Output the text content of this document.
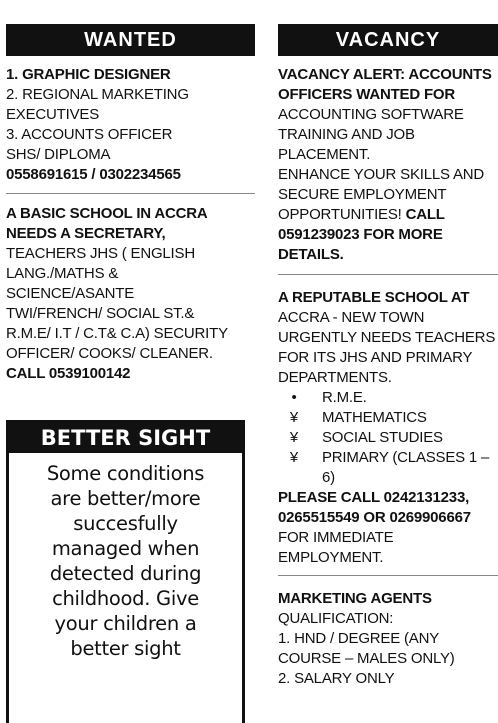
WANTED
1. GRAPHIC DESIGNER
2. REGIONAL MARKETING
EXECUTIVES
3. ACCOUNTS OFFICER
SHS/ DIPLOMA
0558691615 / 0302234565
A BASIC SCHOOL IN ACCRA
NEEDS A SECRETARY,
TEACHERS JHS ( ENGLISH
LANG./MATHS &
SCIENCE/ASANTE
TWI/FRENCH/ SOCIAL ST.&
R.M.E/ I.T / C.T& C.A) SECURITY
OFFICER/ COOKS/ CLEANER.
CALL 0539100142
BETTER SIGHT
Some conditions
are better/more
succesfully
managed when
detected during
childhood. Give
your children a
better sight
VACANCY
VACANCY ALERT: ACCOUNTS
OFFICERS WANTED FOR
ACCOUNTING SOFTWARE
TRAINING AND JOB
PLACEMENT.
ENHANCE YOUR SKILLS AND
SECURE EMPLOYMENT
OPPORTUNITIES! CALL
0591239023 FOR MORE
DETAILS.
A REPUTABLE SCHOOL AT
ACCRA - NEW TOWN
URGENTLY NEEDS TEACHERS
FOR ITS JHS AND PRIMARY
DEPARTMENTS.
• R.M.E.
¥ MATHEMATICS
¥ SOCIAL STUDIES
¥ PRIMARY (CLASSES 1 –
6)
PLEASE CALL 0242131233,
0265515549 OR 0269906667
FOR IMMEDIATE
EMPLOYMENT.
MARKETING AGENTS
QUALIFICATION:
1. HND / DEGREE (ANY
COURSE – MALES ONLY)
2. SALARY ONLY
